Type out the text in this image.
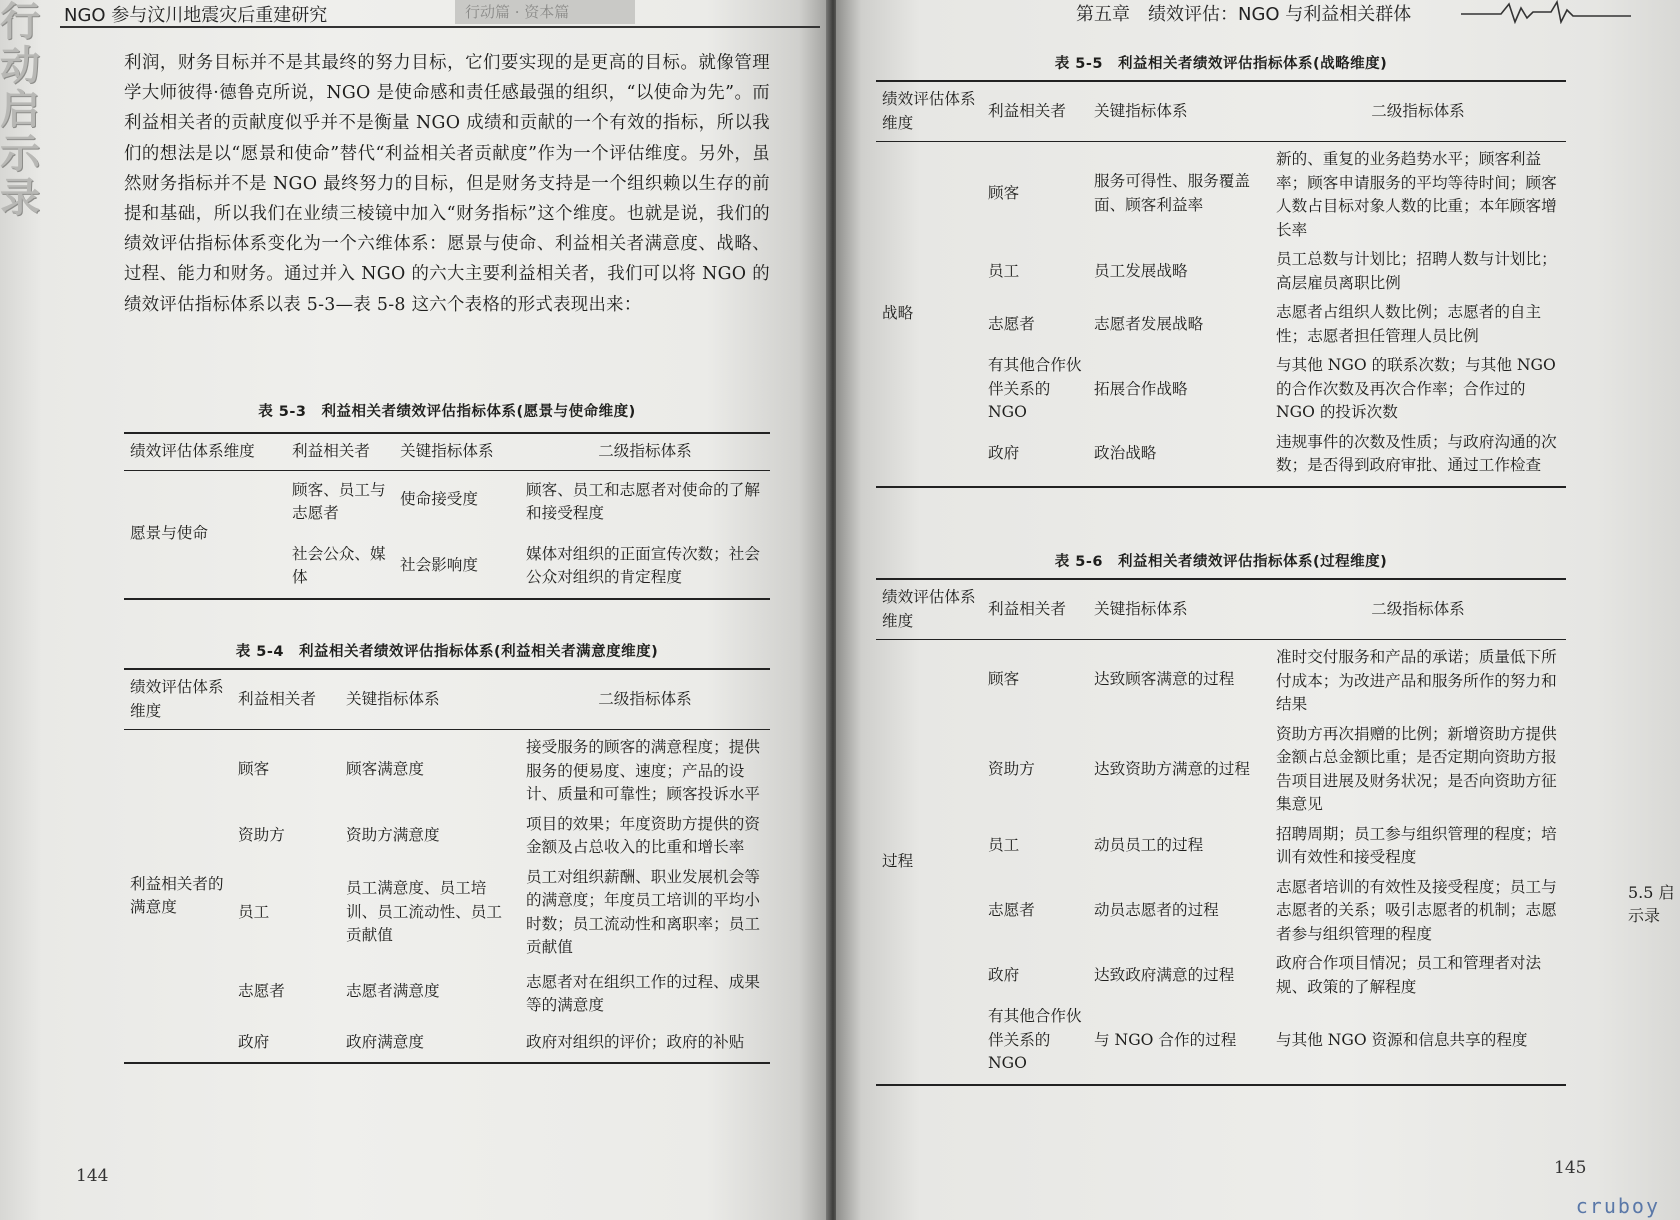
行
动
启
示
录
NGO 参与汶川地震灾后重建研究	行动篇 · 资本篇

利润，财务目标并不是其最终的努力目标，它们要实现的是更高的目标。就像管理学大师彼得·德鲁克所说，NGO 是使命感和责任感最强的组织，“以使命为先”。而利益相关者的贡献度似乎并不是衡量 NGO 成绩和贡献的一个有效的指标，所以我们的想法是以“愿景和使命”替代“利益相关者贡献度”作为一个评估维度。另外，虽然财务指标并不是 NGO 最终努力的目标，但是财务支持是一个组织赖以生存的前提和基础，所以我们在业绩三棱镜中加入“财务指标”这个维度。也就是说，我们的绩效评估指标体系变化为一个六维体系：愿景与使命、利益相关者满意度、战略、过程、能力和财务。通过并入 NGO 的六大主要利益相关者，我们可以将 NGO 的绩效评估指标体系以表 5-3—表 5-8 这六个表格的形式表现出来：

表 5-3　利益相关者绩效评估指标体系(愿景与使命维度)
绩效评估体系维度	利益相关者	关键指标体系	二级指标体系
愿景与使命	顾客、员工与志愿者	使命接受度	顾客、员工和志愿者对使命的了解和接受程度
	社会公众、媒体	社会影响度	媒体对组织的正面宣传次数；社会公众对组织的肯定程度
表 5-4　利益相关者绩效评估指标体系(利益相关者满意度维度)
绩效评估体系维度	利益相关者	关键指标体系	二级指标体系
利益相关者的满意度	顾客	顾客满意度	接受服务的顾客的满意程度；提供服务的便易度、速度；产品的设计、质量和可靠性；顾客投诉水平
	资助方	资助方满意度	项目的效果；年度资助方提供的资金额及占总收入的比重和增长率
	员工	员工满意度、员工培训、员工流动性、员工贡献值	员工对组织薪酬、职业发展机会等的满意度；年度员工培训的平均小时数；员工流动性和离职率；员工贡献值
	志愿者	志愿者满意度	志愿者对在组织工作的过程、成果等的满意度
	政府	政府满意度	政府对组织的评价；政府的补贴
144
第五章　绩效评估：NGO 与利益相关群体
表 5-5　利益相关者绩效评估指标体系(战略维度)
绩效评估体系维度	利益相关者	关键指标体系	二级指标体系
战略	顾客	服务可得性、服务覆盖面、顾客利益率	新的、重复的业务趋势水平；顾客利益率；顾客申请服务的平均等待时间；顾客人数占目标对象人数的比重；本年顾客增长率
	员工	员工发展战略	员工总数与计划比；招聘人数与计划比；高层雇员离职比例
	志愿者	志愿者发展战略	志愿者占组织人数比例；志愿者的自主性；志愿者担任管理人员比例
	有其他合作伙伴关系的 NGO	拓展合作战略	与其他 NGO 的联系次数；与其他 NGO 的合作次数及再次合作率；合作过的 NGO 的投诉次数
	政府	政治战略	违规事件的次数及性质；与政府沟通的次数；是否得到政府审批、通过工作检查
表 5-6　利益相关者绩效评估指标体系(过程维度)
绩效评估体系维度	利益相关者	关键指标体系	二级指标体系
过程	顾客	达致顾客满意的过程	准时交付服务和产品的承诺；质量低下所付成本；为改进产品和服务所作的努力和结果
	资助方	达致资助方满意的过程	资助方再次捐赠的比例；新增资助方提供金额占总金额比重；是否定期向资助方报告项目进展及财务状况；是否向资助方征集意见
	员工	动员员工的过程	招聘周期；员工参与组织管理的程度；培训有效性和接受程度
	志愿者	动员志愿者的过程	志愿者培训的有效性及接受程度；员工与志愿者的关系；吸引志愿者的机制；志愿者参与组织管理的程度
	政府	达致政府满意的过程	政府合作项目情况；员工和管理者对法规、政策的了解程度
	有其他合作伙伴关系的 NGO	与 NGO 合作的过程	与其他 NGO 资源和信息共享的程度
5.5 启示录
145
cruboy
